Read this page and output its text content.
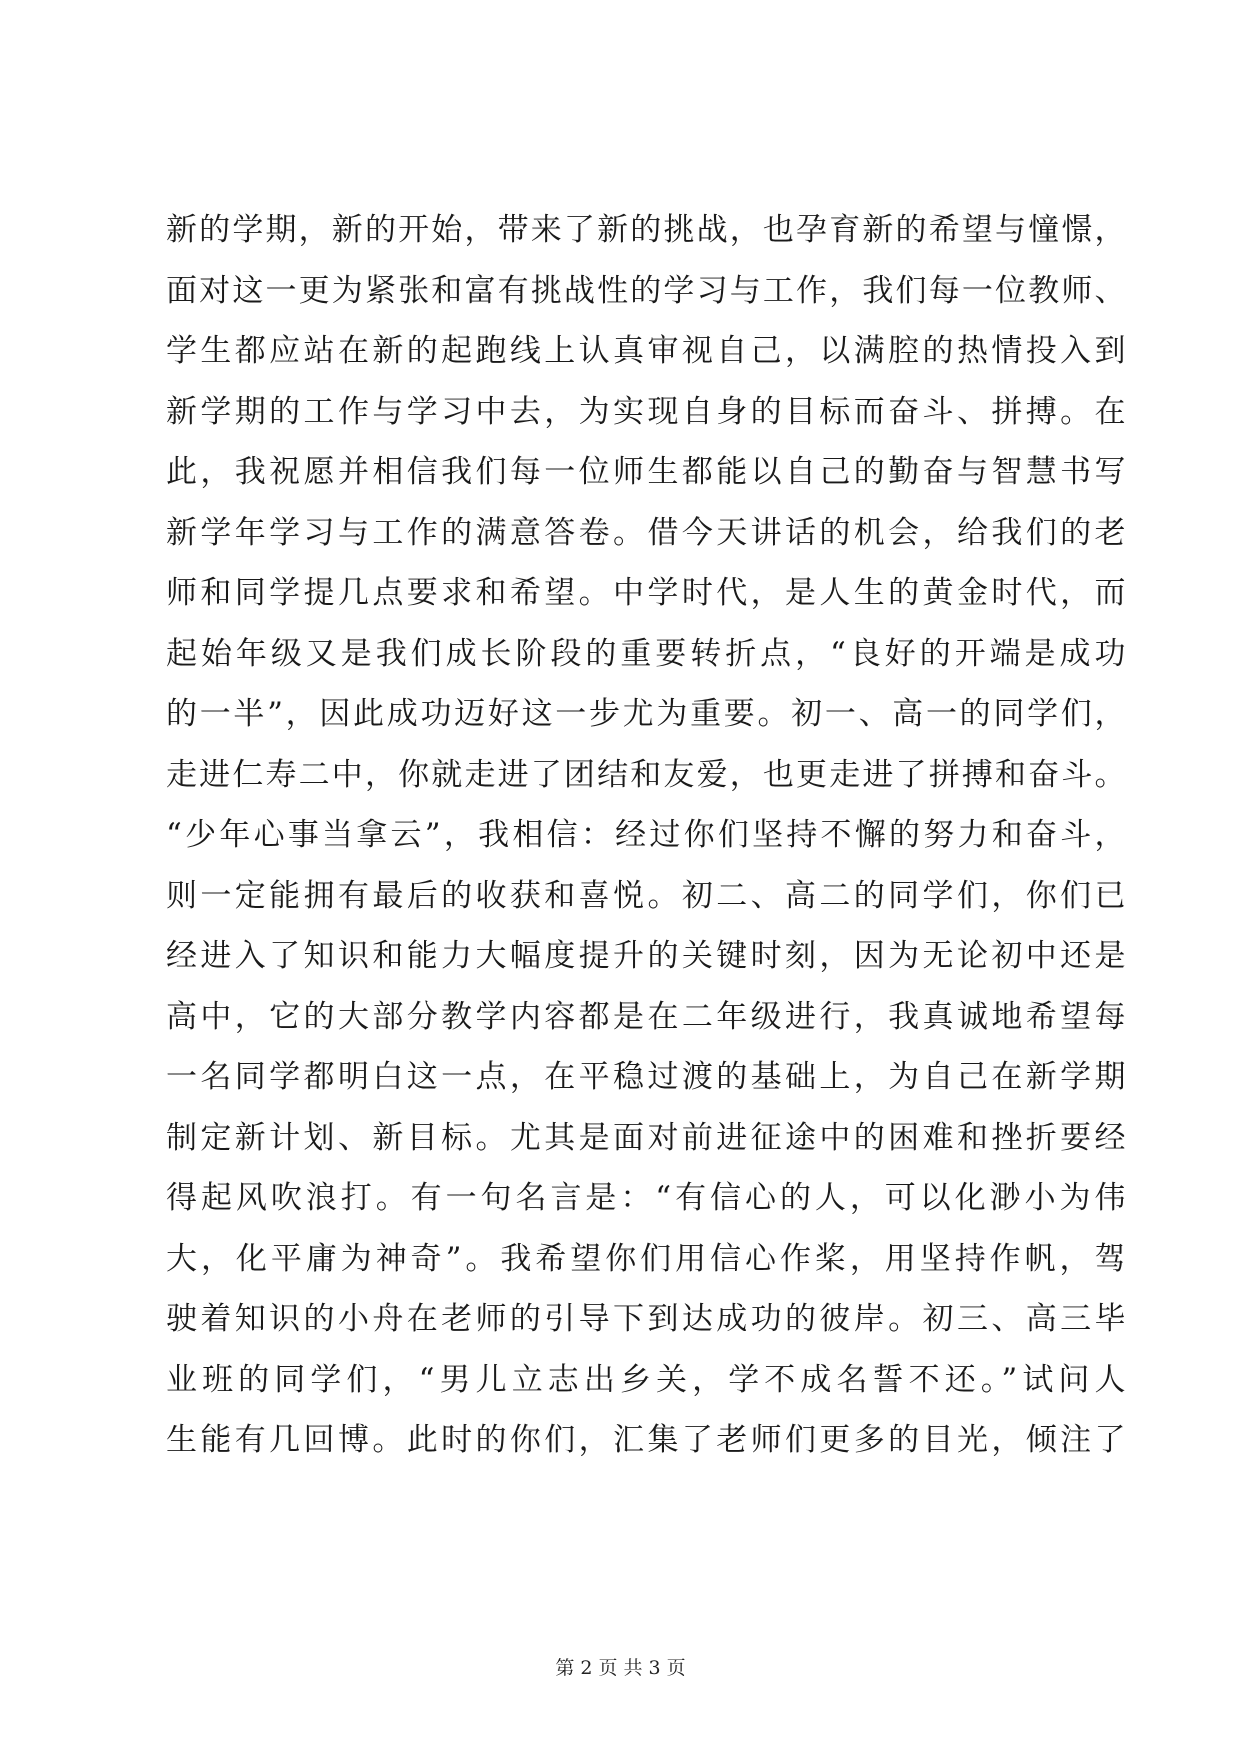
新的学期，新的开始，带来了新的挑战，也孕育新的希望与憧憬，
面对这一更为紧张和富有挑战性的学习与工作，我们每一位教师、
学生都应站在新的起跑线上认真审视自己，以满腔的热情投入到
新学期的工作与学习中去，为实现自身的目标而奋斗、拼搏。在
此，我祝愿并相信我们每一位师生都能以自己的勤奋与智慧书写
新学年学习与工作的满意答卷。借今天讲话的机会，给我们的老
师和同学提几点要求和希望。中学时代，是人生的黄金时代，而
起始年级又是我们成长阶段的重要转折点，“良好的开端是成功
的一半”，因此成功迈好这一步尤为重要。初一、高一的同学们，
走进仁寿二中，你就走进了团结和友爱，也更走进了拼搏和奋斗。
“少年心事当拿云”，我相信：经过你们坚持不懈的努力和奋斗，
则一定能拥有最后的收获和喜悦。初二、高二的同学们，你们已
经进入了知识和能力大幅度提升的关键时刻，因为无论初中还是
高中，它的大部分教学内容都是在二年级进行，我真诚地希望每
一名同学都明白这一点，在平稳过渡的基础上，为自己在新学期
制定新计划、新目标。尤其是面对前进征途中的困难和挫折要经
得起风吹浪打。有一句名言是：“有信心的人，可以化渺小为伟
大，化平庸为神奇”。我希望你们用信心作桨，用坚持作帆，驾
驶着知识的小舟在老师的引导下到达成功的彼岸。初三、高三毕
业班的同学们，“男儿立志出乡关，学不成名誓不还。”试问人
生能有几回博。此时的你们，汇集了老师们更多的目光，倾注了
第 2 页 共 3 页
